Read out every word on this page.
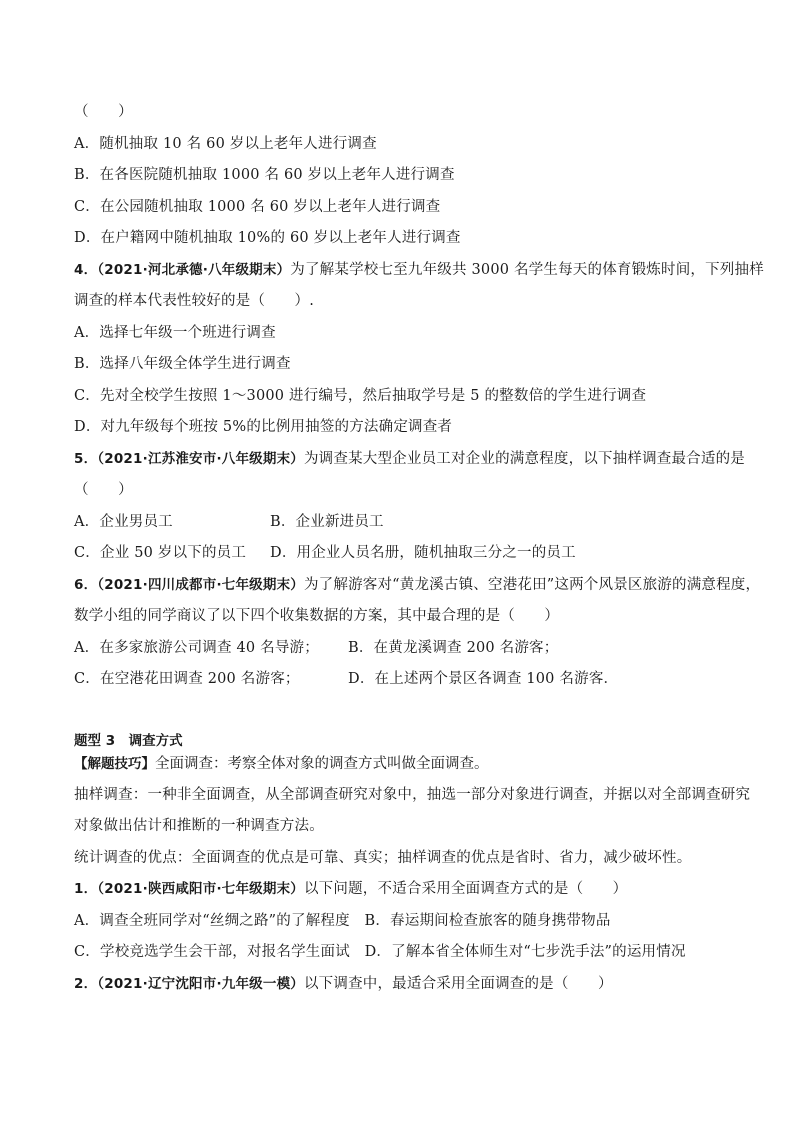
（　　）
A．随机抽取 10 名 60 岁以上老年人进行调查
B．在各医院随机抽取 1000 名 60 岁以上老年人进行调查
C．在公园随机抽取 1000 名 60 岁以上老年人进行调查
D．在户籍网中随机抽取 10%的 60 岁以上老年人进行调查
4．（2021·河北承德·八年级期末）为了解某学校七至九年级共 3000 名学生每天的体育锻炼时间，下列抽样
调查的样本代表性较好的是（　　）.
A．选择七年级一个班进行调查
B．选择八年级全体学生进行调查
C．先对全校学生按照 1～3000 进行编号，然后抽取学号是 5 的整数倍的学生进行调查
D．对九年级每个班按 5%的比例用抽签的方法确定调查者
5．（2021·江苏淮安市·八年级期末）为调查某大型企业员工对企业的满意程度，以下抽样调查最合适的是
（　　）
A．企业男员工	B．企业新进员工
C．企业 50 岁以下的员工	D．用企业人员名册，随机抽取三分之一的员工
6．（2021·四川成都市·七年级期末）为了解游客对“黄龙溪古镇、空港花田”这两个风景区旅游的满意程度，
数学小组的同学商议了以下四个收集数据的方案，其中最合理的是（　　）
A．在多家旅游公司调查 40 名导游；	B．在黄龙溪调查 200 名游客；
C．在空港花田调查 200 名游客；	D．在上述两个景区各调查 100 名游客．
题型 3　调查方式
【解题技巧】全面调查：考察全体对象的调查方式叫做全面调查。
抽样调查：一种非全面调查，从全部调查研究对象中，抽选一部分对象进行调查，并据以对全部调查研究
对象做出估计和推断的一种调查方法。
统计调查的优点：全面调查的优点是可靠、真实；抽样调查的优点是省时、省力，减少破坏性。
1．（2021·陕西咸阳市·七年级期末）以下问题，不适合采用全面调查方式的是（　　）
A．调查全班同学对“丝绸之路”的了解程度　 B．春运期间检查旅客的随身携带物品
C．学校竞选学生会干部，对报名学生面试　 D．了解本省全体师生对“七步洗手法”的运用情况
2．（2021·辽宁沈阳市·九年级一模）以下调查中，最适合采用全面调查的是（　　）
